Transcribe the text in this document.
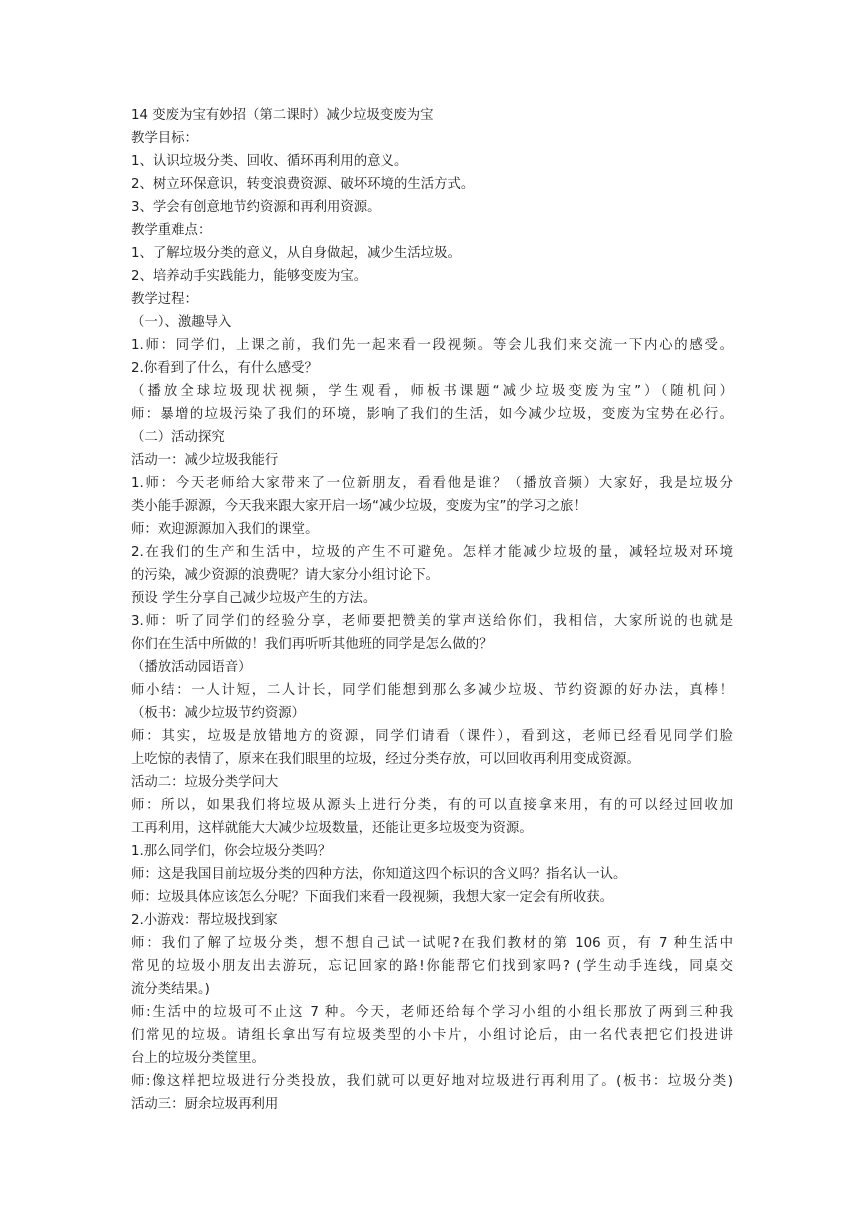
14 变废为宝有妙招（第二课时）减少垃圾变废为宝
教学目标：
1、认识垃圾分类、回收、循环再利用的意义。
2、树立环保意识，转变浪费资源、破坏环境的生活方式。
3、学会有创意地节约资源和再利用资源。
教学重难点：
1、了解垃圾分类的意义，从自身做起，减少生活垃圾。
2、培养动手实践能力，能够变废为宝。
教学过程：
（一）、激趣导入
1.师：同学们，上课之前，我们先一起来看一段视频。等会儿我们来交流一下内心的感受。
2.你看到了什么，有什么感受？
（播放全球垃圾现状视频，学生观看，师板书课题“减少垃圾变废为宝”）（随机问）
师：暴增的垃圾污染了我们的环境，影响了我们的生活，如今减少垃圾，变废为宝势在必行。
（二）活动探究
活动一：减少垃圾我能行
1.师：今天老师给大家带来了一位新朋友，看看他是谁？（播放音频）大家好，我是垃圾分
类小能手源源，今天我来跟大家开启一场“减少垃圾，变废为宝”的学习之旅！
师：欢迎源源加入我们的课堂。
2.在我们的生产和生活中，垃圾的产生不可避免。怎样才能减少垃圾的量，减轻垃圾对环境
的污染，减少资源的浪费呢？请大家分小组讨论下。
预设 学生分享自己减少垃圾产生的方法。
3.师：听了同学们的经验分享，老师要把赞美的掌声送给你们，我相信，大家所说的也就是
你们在生活中所做的！我们再听听其他班的同学是怎么做的？
（播放活动园语音）
师小结：一人计短，二人计长，同学们能想到那么多减少垃圾、节约资源的好办法，真棒！
（板书：减少垃圾节约资源）
师：其实，垃圾是放错地方的资源，同学们请看（课件），看到这，老师已经看见同学们脸
上吃惊的表情了，原来在我们眼里的垃圾，经过分类存放，可以回收再利用变成资源。
活动二：垃圾分类学问大
师：所以，如果我们将垃圾从源头上进行分类，有的可以直接拿来用，有的可以经过回收加
工再利用，这样就能大大减少垃圾数量，还能让更多垃圾变为资源。
1.那么同学们，你会垃圾分类吗？
师：这是我国目前垃圾分类的四种方法，你知道这四个标识的含义吗？指名认一认。
师：垃圾具体应该怎么分呢？下面我们来看一段视频，我想大家一定会有所收获。
2.小游戏：帮垃圾找到家
师：我们了解了垃圾分类，想不想自己试一试呢?在我们教材的第 106 页，有 7 种生活中
常见的垃圾小朋友出去游玩，忘记回家的路!你能帮它们找到家吗? (学生动手连线，同桌交
流分类结果。)
师:生活中的垃圾可不止这 7 种。今天，老师还给每个学习小组的小组长那放了两到三种我
们常见的垃圾。请组长拿出写有垃圾类型的小卡片，小组讨论后，由一名代表把它们投进讲
台上的垃圾分类筐里。
师:像这样把垃圾进行分类投放，我们就可以更好地对垃圾进行再利用了。(板书：垃圾分类)
活动三：厨余垃圾再利用
